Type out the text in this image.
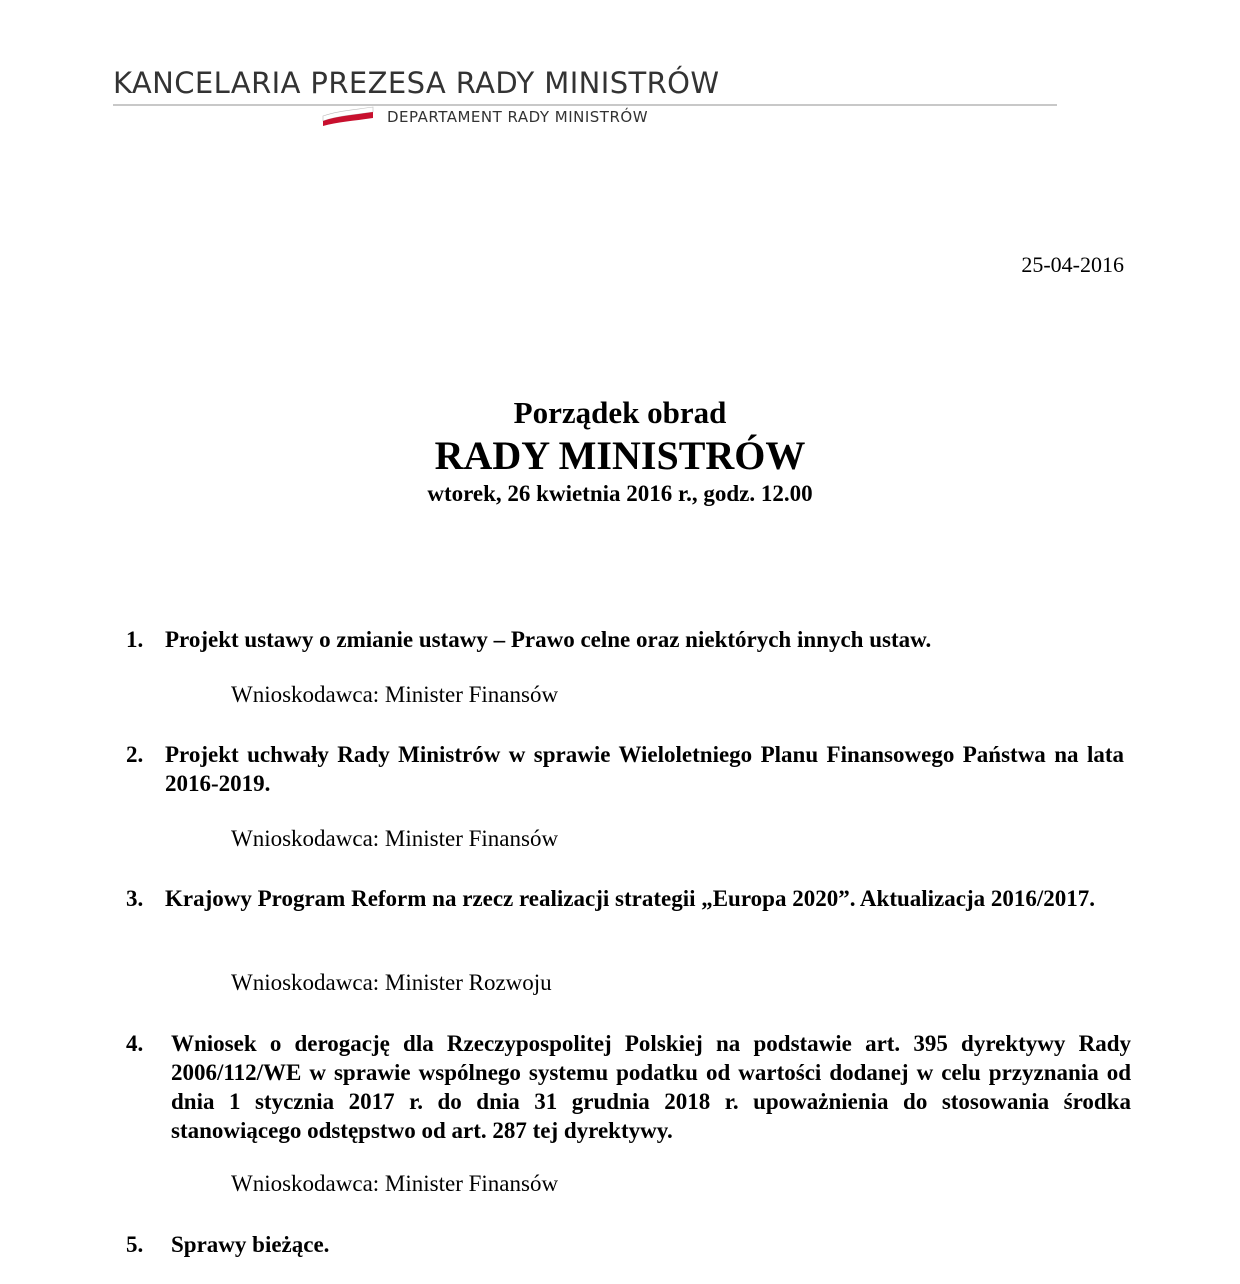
KANCELARIA PREZESA RADY MINISTRÓW
DEPARTAMENT RADY MINISTRÓW
25-04-2016
Porządek obrad
RADY MINISTRÓW
wtorek, 26 kwietnia 2016 r., godz. 12.00
1. Projekt ustawy o zmianie ustawy – Prawo celne oraz niektórych innych ustaw.
Wnioskodawca: Minister Finansów
2. Projekt uchwały Rady Ministrów w sprawie Wieloletniego Planu Finansowego Państwa na lata 2016-2019.
Wnioskodawca: Minister Finansów
3. Krajowy Program Reform na rzecz realizacji strategii „Europa 2020”. Aktualizacja 2016/2017.
Wnioskodawca: Minister Rozwoju
4. Wniosek o derogację dla Rzeczypospolitej Polskiej na podstawie art. 395 dyrektywy Rady 2006/112/WE w sprawie wspólnego systemu podatku od wartości dodanej w celu przyznania od dnia 1 stycznia 2017 r. do dnia 31 grudnia 2018 r. upoważnienia do stosowania środka stanowiącego odstępstwo od art. 287 tej dyrektywy.
Wnioskodawca: Minister Finansów
5. Sprawy bieżące.
